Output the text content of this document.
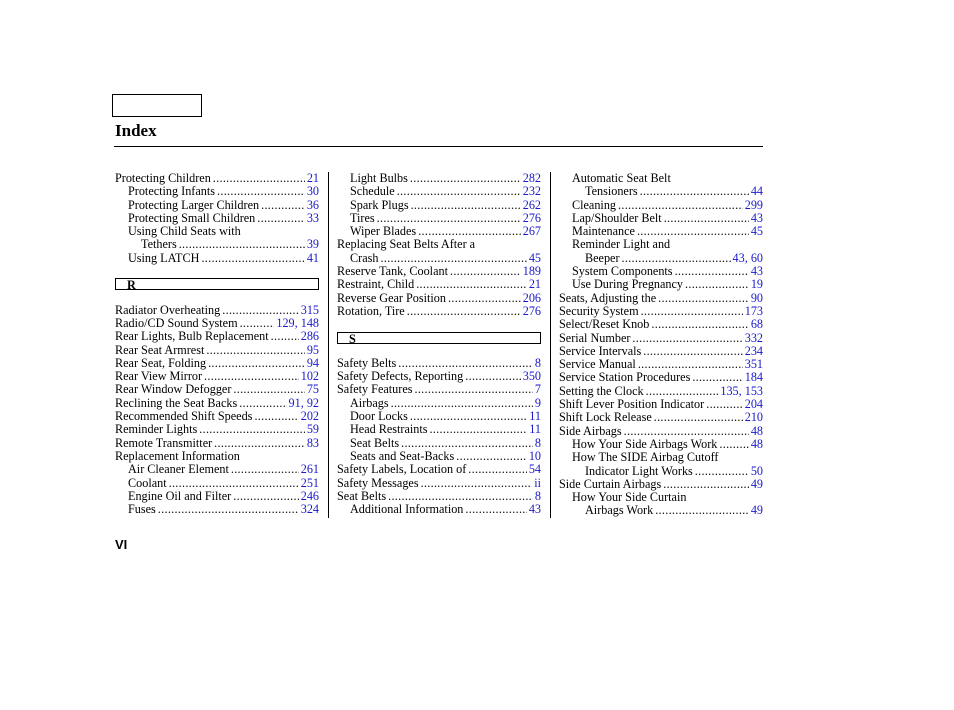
Index
Protecting Children .....	21
Protecting Infants .....	30
Protecting Larger Children .....	36
Protecting Small Children .....	33
Using Child Seats with
Tethers .....	39
Using LATCH .....	41
R
Radiator Overheating .....	315
Radio/CD Sound System .....	129, 148
Rear Lights, Bulb Replacement .....	286
Rear Seat Armrest .....	95
Rear Seat, Folding .....	94
Rear View Mirror .....	102
Rear Window Defogger .....	75
Reclining the Seat Backs .....	91, 92
Recommended Shift Speeds .....	202
Reminder Lights .....	59
Remote Transmitter .....	83
Replacement Information
Air Cleaner Element .....	261
Coolant .....	251
Engine Oil and Filter .....	246
Fuses .....	324
Light Bulbs .....	282
Schedule .....	232
Spark Plugs .....	262
Tires .....	276
Wiper Blades .....	267
Replacing Seat Belts After a
Crash .....	45
Reserve Tank, Coolant .....	189
Restraint, Child .....	21
Reverse Gear Position .....	206
Rotation, Tire .....	276
S
Safety Belts .....	8
Safety Defects, Reporting .....	350
Safety Features .....	7
Airbags .....	9
Door Locks .....	11
Head Restraints .....	11
Seat Belts .....	8
Seats and Seat-Backs .....	10
Safety Labels, Location of .....	54
Safety Messages .....	ii
Seat Belts .....	8
Additional Information .....	43
Automatic Seat Belt
Tensioners .....	44
Cleaning .....	299
Lap/Shoulder Belt .....	43
Maintenance .....	45
Reminder Light and
Beeper .....	43, 60
System Components .....	43
Use During Pregnancy .....	19
Seats, Adjusting the .....	90
Security System .....	173
Select/Reset Knob .....	68
Serial Number .....	332
Service Intervals .....	234
Service Manual .....	351
Service Station Procedures .....	184
Setting the Clock .....	135, 153
Shift Lever Position Indicator .....	204
Shift Lock Release .....	210
Side Airbags .....	48
How Your Side Airbags Work .....	48
How The SIDE Airbag Cutoff
Indicator Light Works .....	50
Side Curtain Airbags .....	49
How Your Side Curtain
Airbags Work .....	49
VI
